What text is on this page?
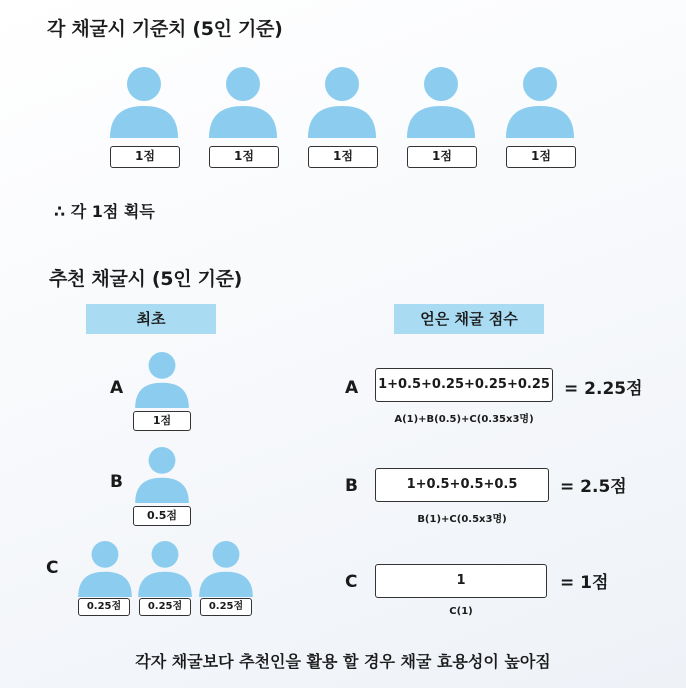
각 채굴시 기준치 (5인 기준)
1점	1점	1점	1점	1점
∴ 각 1점 획득
추천 채굴시 (5인 기준)
최초	얻은 채굴 점수
A
1점
A 1+0.5+0.25+0.25+0.25
A(1)+B(0.5)+C(0.35x3명)
= 2.25점
B
0.5점
B	1+0.5+0.5+0.5
B(1)+C(0.5x3명)
= 2.5점
C
0.25점	0.25점	0.25점
C	1
C(1)
= 1점
각자 채굴보다 추천인을 활용 할 경우 채굴 효용성이 높아짐
